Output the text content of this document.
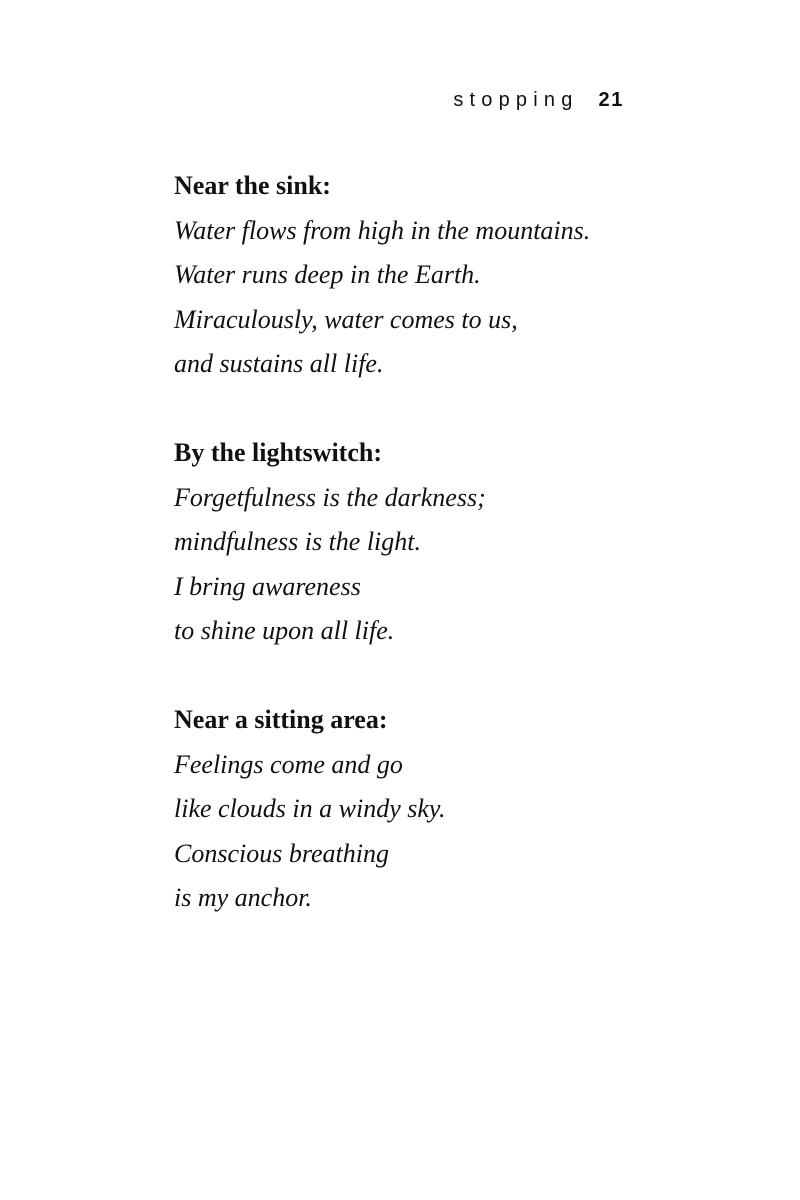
stopping 21
Near the sink:
Water flows from high in the mountains.
Water runs deep in the Earth.
Miraculously, water comes to us,
and sustains all life.
By the lightswitch:
Forgetfulness is the darkness;
mindfulness is the light.
I bring awareness
to shine upon all life.
Near a sitting area:
Feelings come and go
like clouds in a windy sky.
Conscious breathing
is my anchor.
